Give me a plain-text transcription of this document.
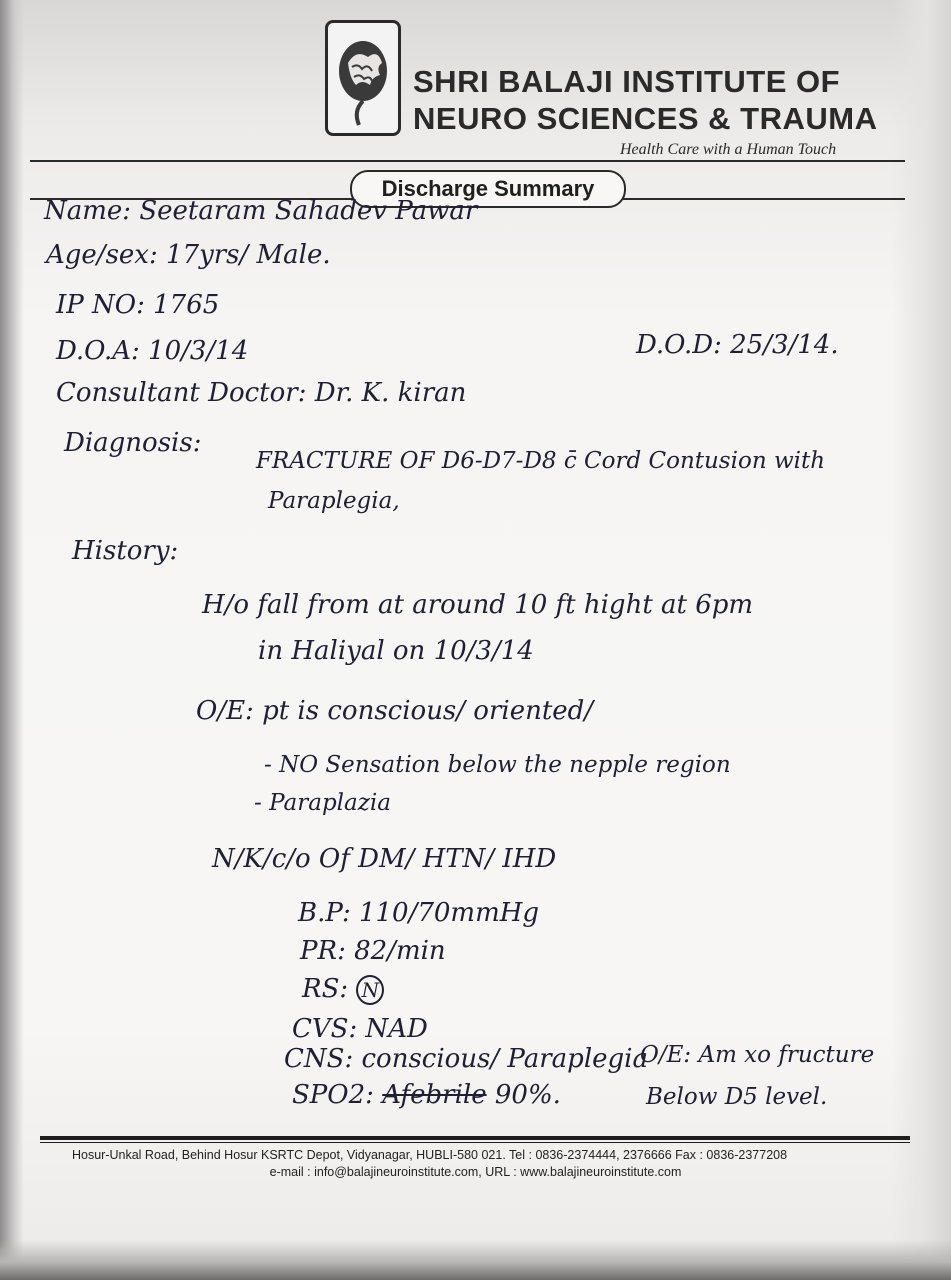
SHRI BALAJI INSTITUTE OF
NEURO SCIENCES & TRAUMA
Health Care with a Human Touch
Discharge Summary
Name: Seetaram Sahadev Pawar
Age/sex: 17yrs/ Male.
IP NO: 1765
D.O.A: 10/3/14	D.O.D: 25/3/14.
Consultant Doctor: Dr. K. kiran
Diagnosis:
FRACTURE OF D6-D7-D8 c̄ Cord Contusion with
Paraplegia,
History:
H/o fall from at around 10 ft hight at 6pm
in Haliyal on 10/3/14
O/E: pt is conscious/ oriented/
- NO Sensation below the nepple region
- Paraplazia
N/K/c/o Of DM/ HTN/ IHD
B.P: 110/70mmHg
PR: 82/min
RS: N
CVS: NAD
CNS: conscious/ Paraplegia
O/E: Am xo fructure
SPO2: Afebrile 90%.	Below D5 level.
Hosur-Unkal Road, Behind Hosur KSRTC Depot, Vidyanagar, HUBLI-580 021. Tel : 0836-2374444, 2376666 Fax : 0836-2377208
e-mail : info@balajineuroinstitute.com, URL : www.balajineuroinstitute.com
